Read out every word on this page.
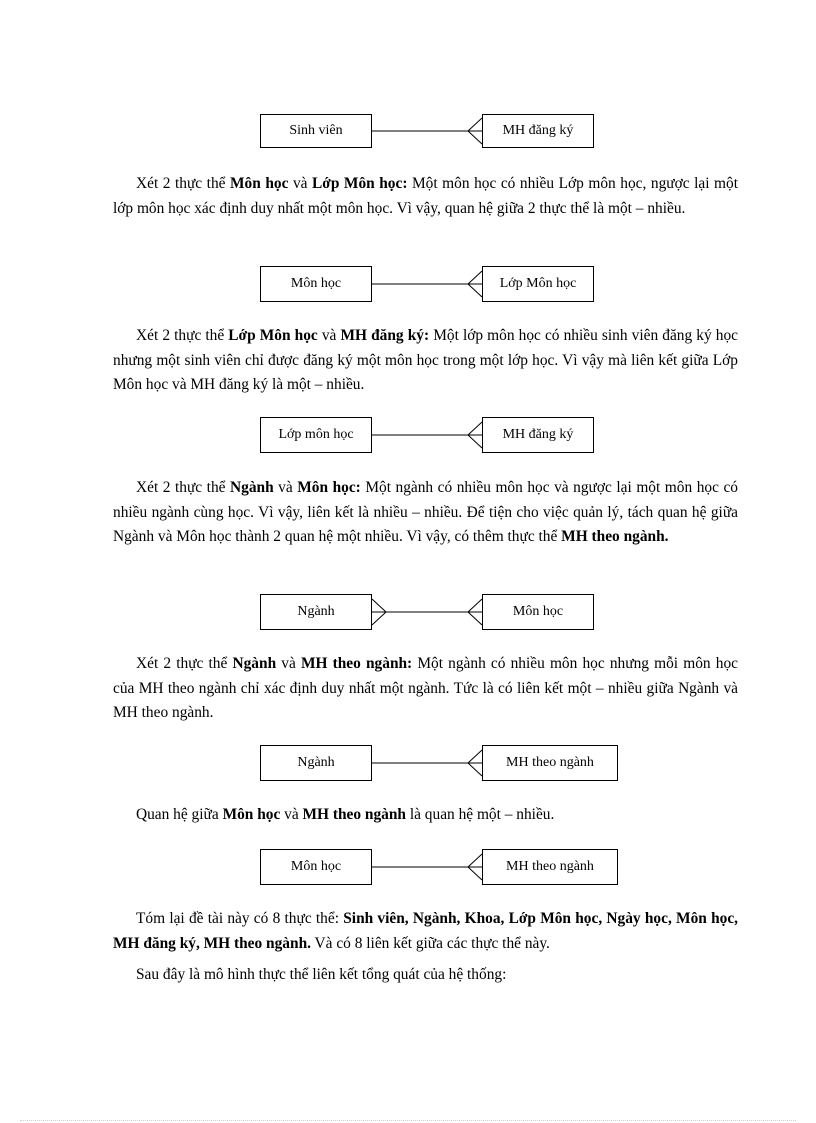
Sinh viên	MH đăng ký

Xét 2 thực thể Môn học và Lớp Môn học: Một môn học có nhiều Lớp môn học, ngược lại một lớp môn học xác định duy nhất một môn học. Vì vậy, quan hệ giữa 2 thực thể là một – nhiều.

Môn học	Lớp Môn học

Xét 2 thực thể Lớp Môn học và MH đăng ký: Một lớp môn học có nhiều sinh viên đăng ký học nhưng một sinh viên chỉ được đăng ký một môn học trong một lớp học. Vì vậy mà liên kết giữa Lớp Môn học và MH đăng ký là một – nhiều.

Lớp môn học	MH đăng ký

Xét 2 thực thể Ngành và Môn học: Một ngành có nhiều môn học và ngược lại một môn học có nhiều ngành cùng học. Vì vậy, liên kết là nhiều – nhiều. Để tiện cho việc quản lý, tách quan hệ giữa Ngành và Môn học thành 2 quan hệ một nhiều. Vì vậy, có thêm thực thể MH theo ngành.

Ngành	Môn học

Xét 2 thực thể Ngành và MH theo ngành: Một ngành có nhiều môn học nhưng mỗi môn học của MH theo ngành chỉ xác định duy nhất một ngành. Tức là có liên kết một – nhiều giữa Ngành và MH theo ngành.

Ngành	MH theo ngành

Quan hệ giữa Môn học và MH theo ngành là quan hệ một – nhiều.

Môn học	MH theo ngành

Tóm lại đề tài này có 8 thực thể: Sinh viên, Ngành, Khoa, Lớp Môn học, Ngày học, Môn học, MH đăng ký, MH theo ngành. Và có 8 liên kết giữa các thực thể này.

Sau đây là mô hình thực thể liên kết tổng quát của hệ thống:
